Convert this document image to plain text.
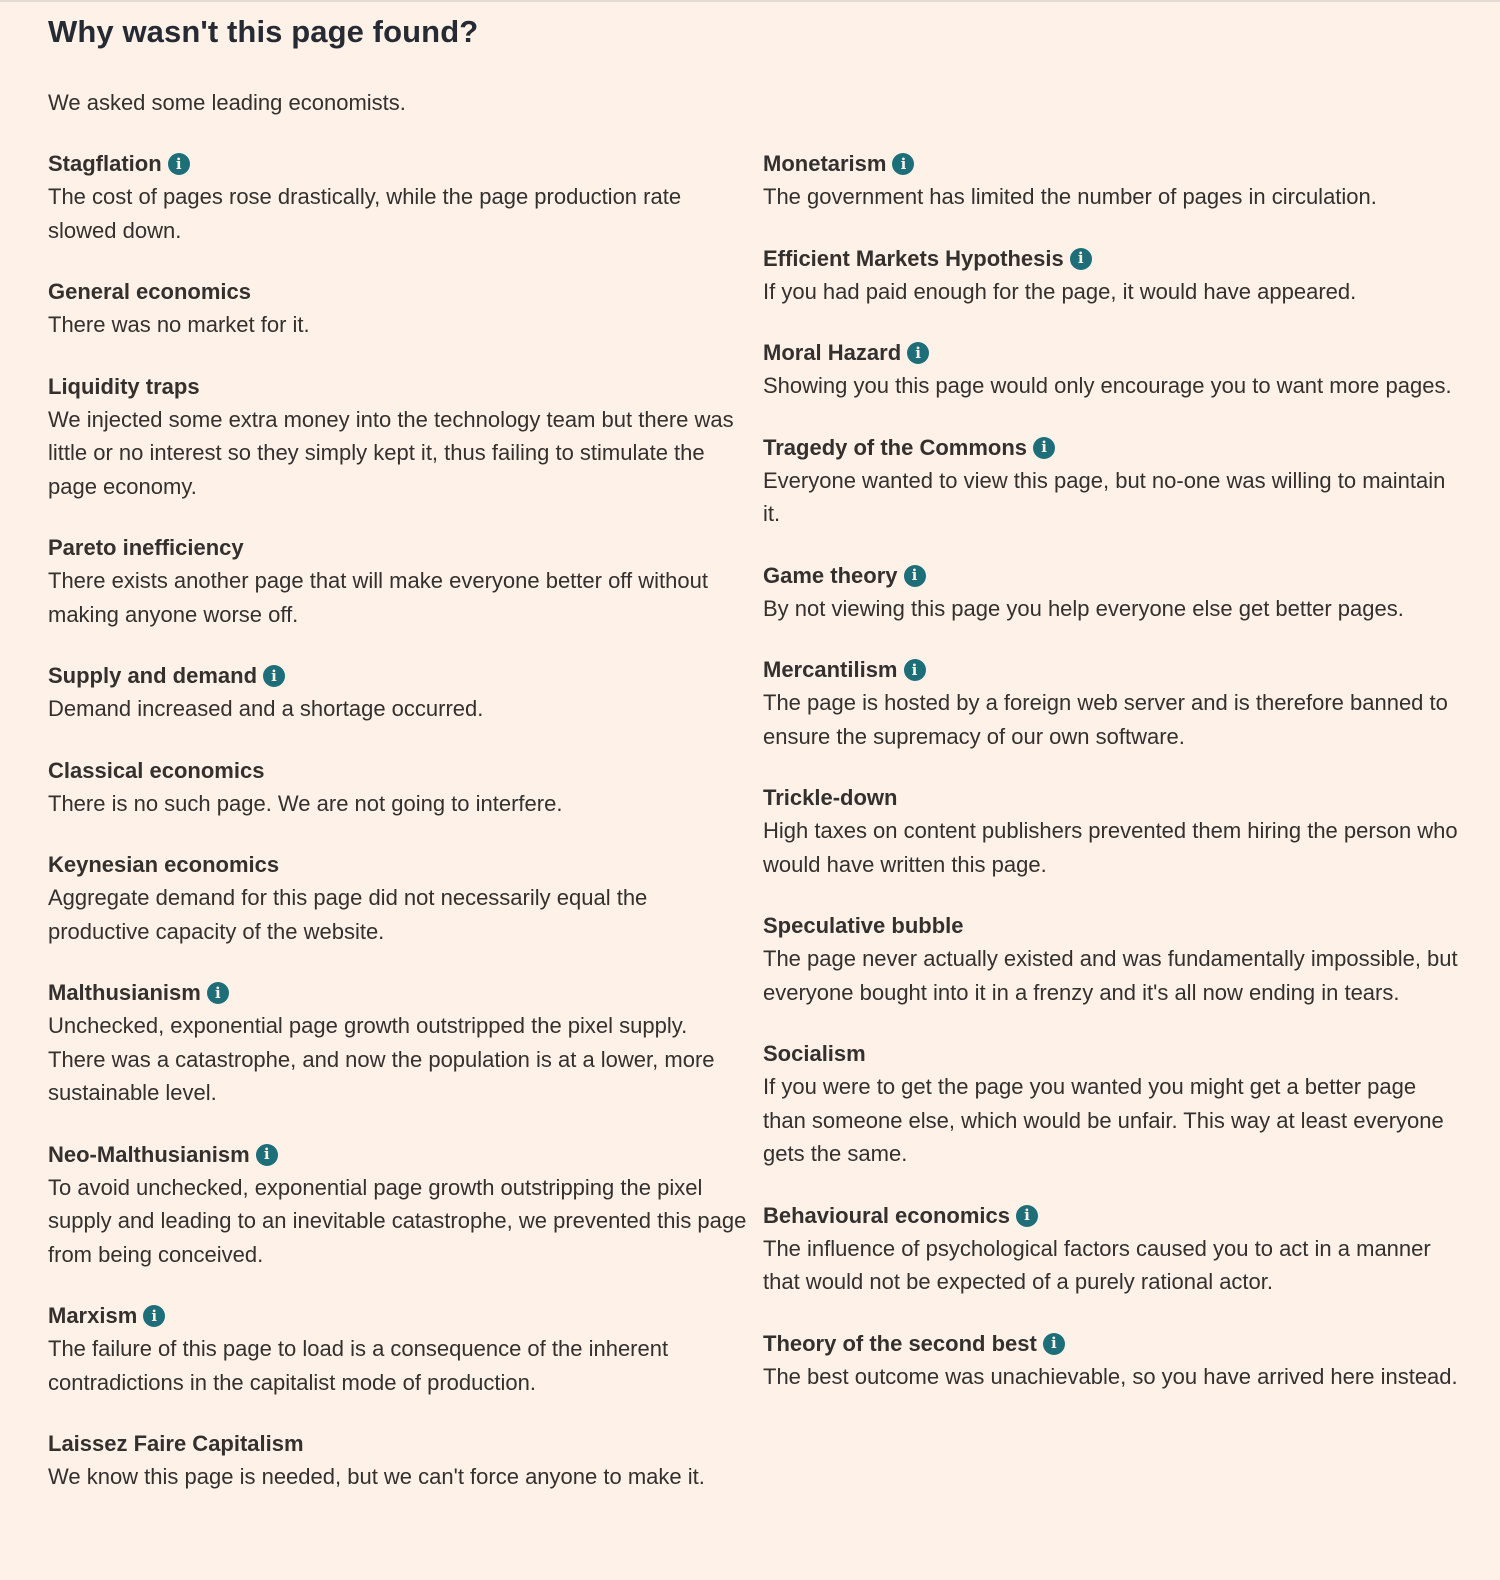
Why wasn't this page found?

We asked some leading economists.

Stagflation i

The cost of pages rose drastically, while the page production rate slowed down.

General economics

There was no market for it.

Liquidity traps

We injected some extra money into the technology team but there was little or no interest so they simply kept it, thus failing to stimulate the page economy.

Pareto inefficiency

There exists another page that will make everyone better off without making anyone worse off.

Supply and demand i

Demand increased and a shortage occurred.

Classical economics

There is no such page. We are not going to interfere.

Keynesian economics

Aggregate demand for this page did not necessarily equal the productive capacity of the website.

Malthusianism i

Unchecked, exponential page growth outstripped the pixel supply. There was a catastrophe, and now the population is at a lower, more sustainable level.

Neo-Malthusianism i

To avoid unchecked, exponential page growth outstripping the pixel supply and leading to an inevitable catastrophe, we prevented this page from being conceived.

Marxism i

The failure of this page to load is a consequence of the inherent contradictions in the capitalist mode of production.

Laissez Faire Capitalism

We know this page is needed, but we can't force anyone to make it.

Monetarism i

The government has limited the number of pages in circulation.

Efficient Markets Hypothesis i

If you had paid enough for the page, it would have appeared.

Moral Hazard i

Showing you this page would only encourage you to want more pages.

Tragedy of the Commons i

Everyone wanted to view this page, but no-one was willing to maintain it.

Game theory i

By not viewing this page you help everyone else get better pages.

Mercantilism i

The page is hosted by a foreign web server and is therefore banned to ensure the supremacy of our own software.

Trickle-down

High taxes on content publishers prevented them hiring the person who would have written this page.

Speculative bubble

The page never actually existed and was fundamentally impossible, but everyone bought into it in a frenzy and it's all now ending in tears.

Socialism

If you were to get the page you wanted you might get a better page than someone else, which would be unfair. This way at least everyone gets the same.

Behavioural economics i

The influence of psychological factors caused you to act in a manner that would not be expected of a purely rational actor.

Theory of the second best i

The best outcome was unachievable, so you have arrived here instead.
